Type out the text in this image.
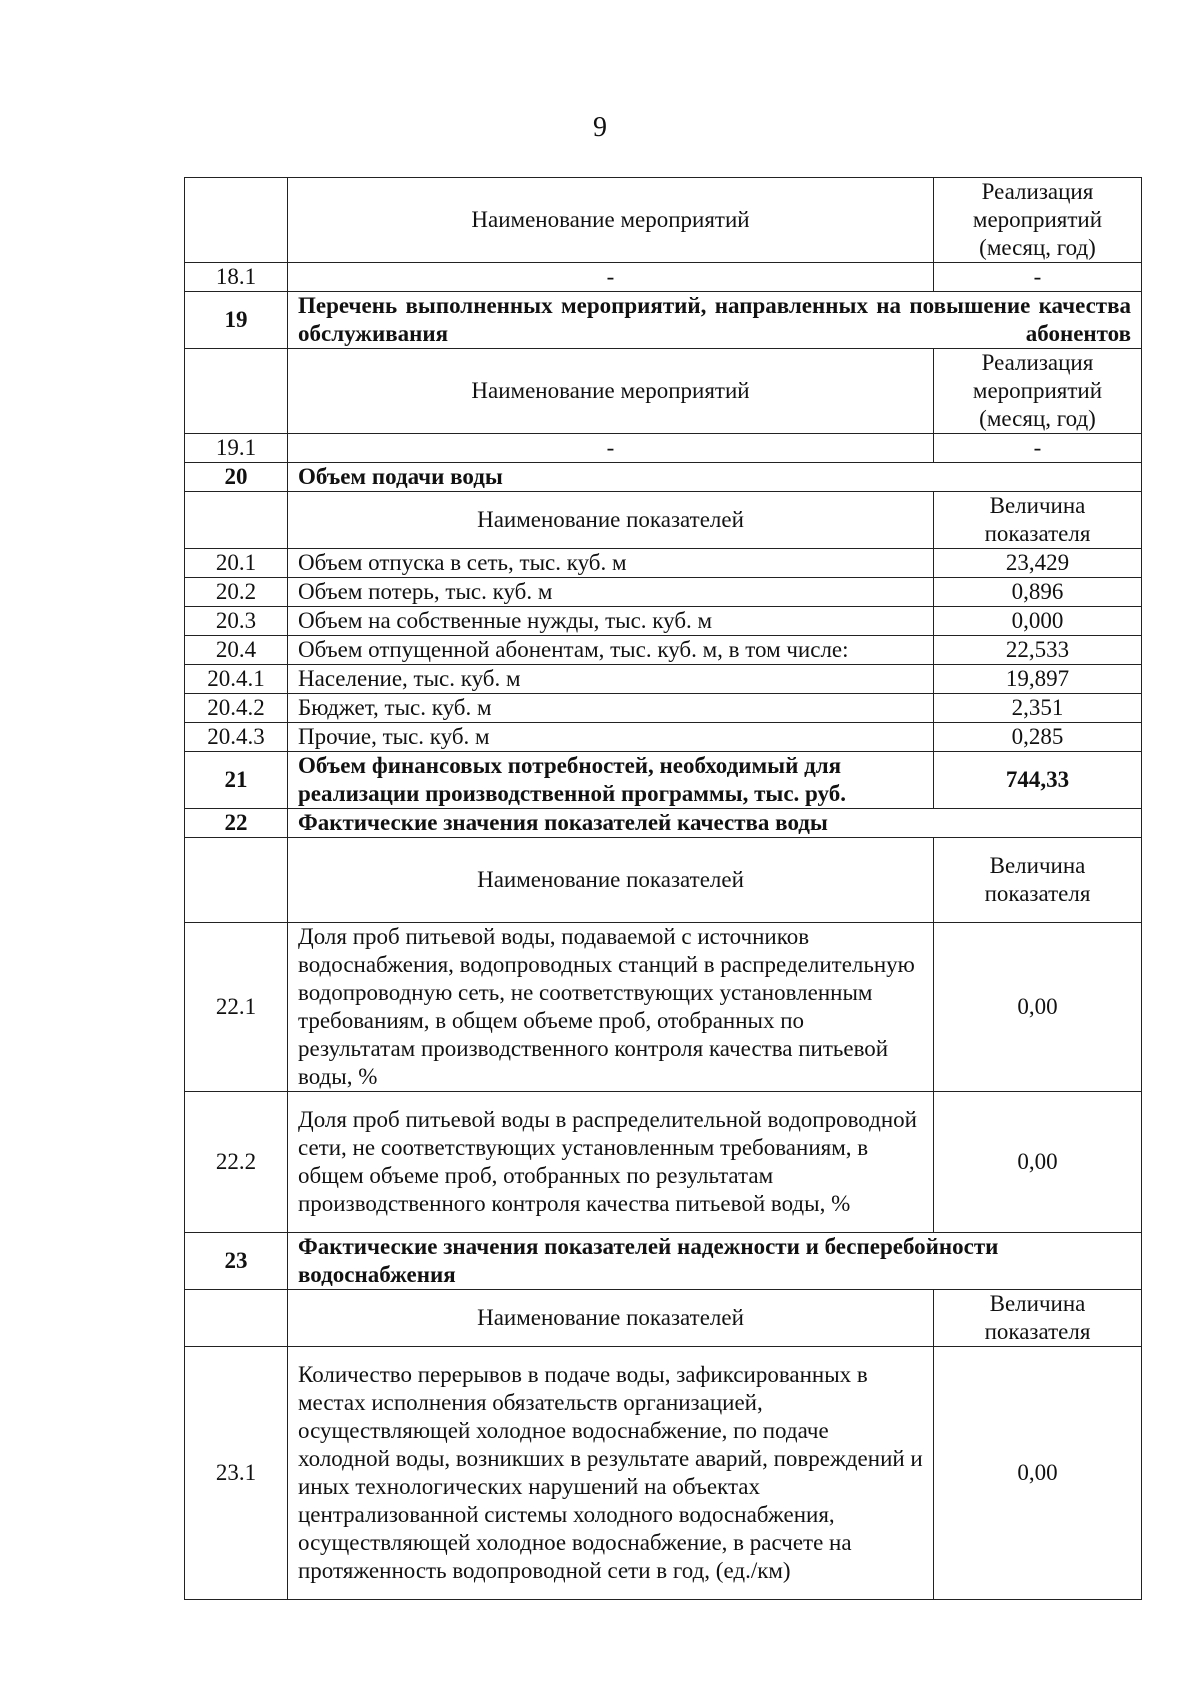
9
	Наименование мероприятий	Реализация мероприятий (месяц, год)
18.1	-	-
19	Перечень выполненных мероприятий, направленных на повышение качества обслуживания абонентов	
	Наименование мероприятий	Реализация мероприятий (месяц, год)
19.1	-	-
20	Объем подачи воды	
	Наименование показателей	Величина показателя
20.1	Объем отпуска в сеть, тыс. куб. м	23,429
20.2	Объем потерь, тыс. куб. м	0,896
20.3	Объем на собственные нужды, тыс. куб. м	0,000
20.4	Объем отпущенной абонентам, тыс. куб. м, в том числе:	22,533
20.4.1	Население, тыс. куб. м	19,897
20.4.2	Бюджет, тыс. куб. м	2,351
20.4.3	Прочие, тыс. куб. м	0,285
21	Объем финансовых потребностей, необходимый для реализации производственной программы, тыс. руб.	744,33
22	Фактические значения показателей качества воды	
	Наименование показателей	Величина показателя
22.1	Доля проб питьевой воды, подаваемой с источников водоснабжения, водопроводных станций в распределительную водопроводную сеть, не соответствующих установленным требованиям, в общем объеме проб, отобранных по результатам производственного контроля качества питьевой воды, %	0,00
22.2	Доля проб питьевой воды в распределительной водопроводной сети, не соответствующих установленным требованиям, в общем объеме проб, отобранных по результатам производственного контроля качества питьевой воды, %	0,00
23	Фактические значения показателей надежности и бесперебойности водоснабжения	
	Наименование показателей	Величина показателя
23.1	Количество перерывов в подаче воды, зафиксированных в местах исполнения обязательств организацией, осуществляющей холодное водоснабжение, по подаче холодной воды, возникших в результате аварий, повреждений и иных технологических нарушений на объектах централизованной системы холодного водоснабжения, осуществляющей холодное водоснабжение, в расчете на протяженность водопроводной сети в год, (ед./км)	0,00
